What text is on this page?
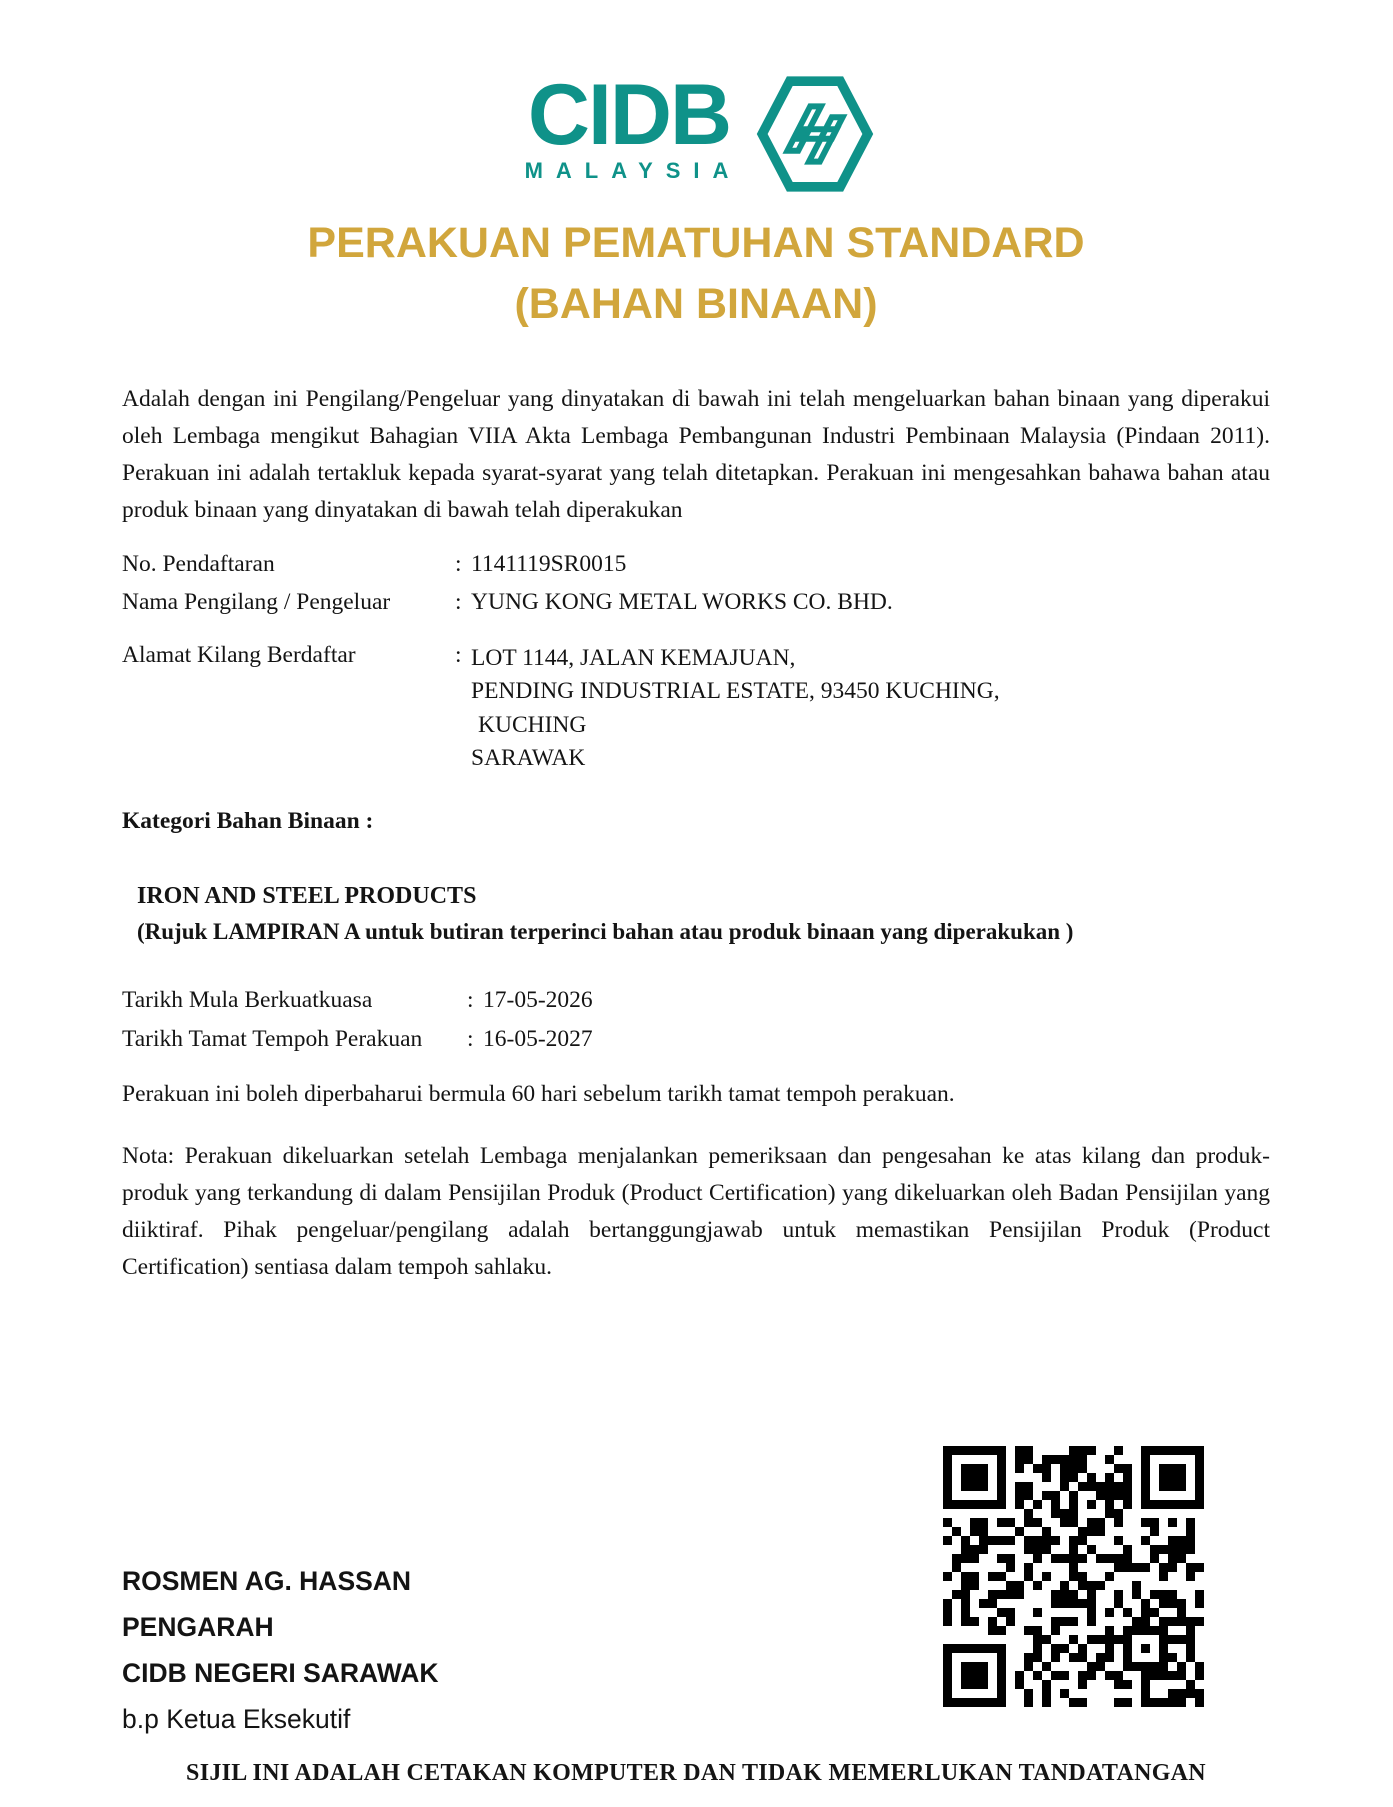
CIDB
MALAYSIA
PERAKUAN PEMATUHAN STANDARD
(BAHAN BINAAN)

Adalah dengan ini Pengilang/Pengeluar yang dinyatakan di bawah ini telah mengeluarkan bahan binaan yang diperakui oleh Lembaga mengikut Bahagian VIIA Akta Lembaga Pembangunan Industri Pembinaan Malaysia (Pindaan 2011). Perakuan ini adalah tertakluk kepada syarat-syarat yang telah ditetapkan. Perakuan ini mengesahkan bahawa bahan atau produk binaan yang dinyatakan di bawah telah diperakukan

No. Pendaftaran	: 1141119SR0015
Nama Pengilang / Pengeluar	: YUNG KONG METAL WORKS CO. BHD.
Alamat Kilang Berdaftar	: LOT 1144, JALAN KEMAJUAN,
PENDING INDUSTRIAL ESTATE, 93450 KUCHING,
KUCHING
SARAWAK
Kategori Bahan Binaan :
IRON AND STEEL PRODUCTS
(Rujuk LAMPIRAN A untuk butiran terperinci bahan atau produk binaan yang diperakukan )
Tarikh Mula Berkuatkuasa	: 17-05-2026
Tarikh Tamat Tempoh Perakuan	: 16-05-2027

Perakuan ini boleh diperbaharui bermula 60 hari sebelum tarikh tamat tempoh perakuan.

Nota: Perakuan dikeluarkan setelah Lembaga menjalankan pemeriksaan dan pengesahan ke atas kilang dan produk-produk yang terkandung di dalam Pensijilan Produk (Product Certification) yang dikeluarkan oleh Badan Pensijilan yang diiktiraf. Pihak pengeluar/pengilang adalah bertanggungjawab untuk memastikan Pensijilan Produk (Product Certification) sentiasa dalam tempoh sahlaku.

ROSMEN AG. HASSAN
PENGARAH
CIDB NEGERI SARAWAK
b.p Ketua Eksekutif
SIJIL INI ADALAH CETAKAN KOMPUTER DAN TIDAK MEMERLUKAN TANDATANGAN
